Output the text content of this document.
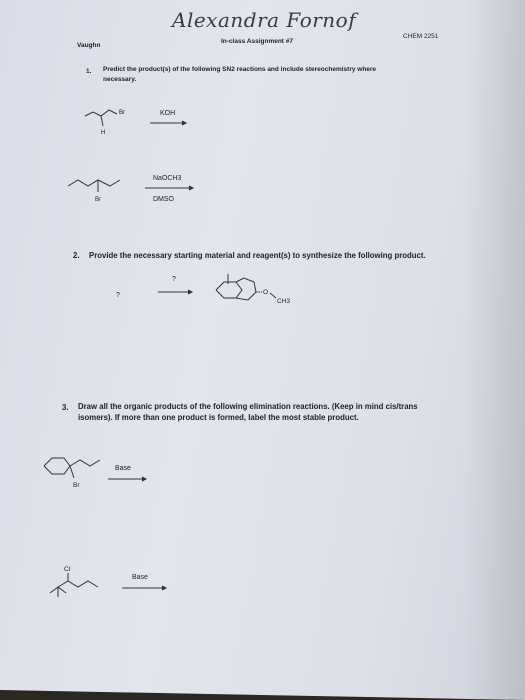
Alexandra Fornof
Vaughn
In-class Assignment #7
CHEM 2251
1. Predict the product(s) of the following SN2 reactions and include stereochemistry where
necessary.
Br
H
KOH
Br
NaOCH3
DMSO
2. Provide the necessary starting material and reagent(s) to synthesize the following product.
?
?
O
CH3
3. Draw all the organic products of the following elimination reactions. (Keep in mind cis/trans
isomers). If more than one product is formed, label the most stable product.
Br
Base
Cl
Base
